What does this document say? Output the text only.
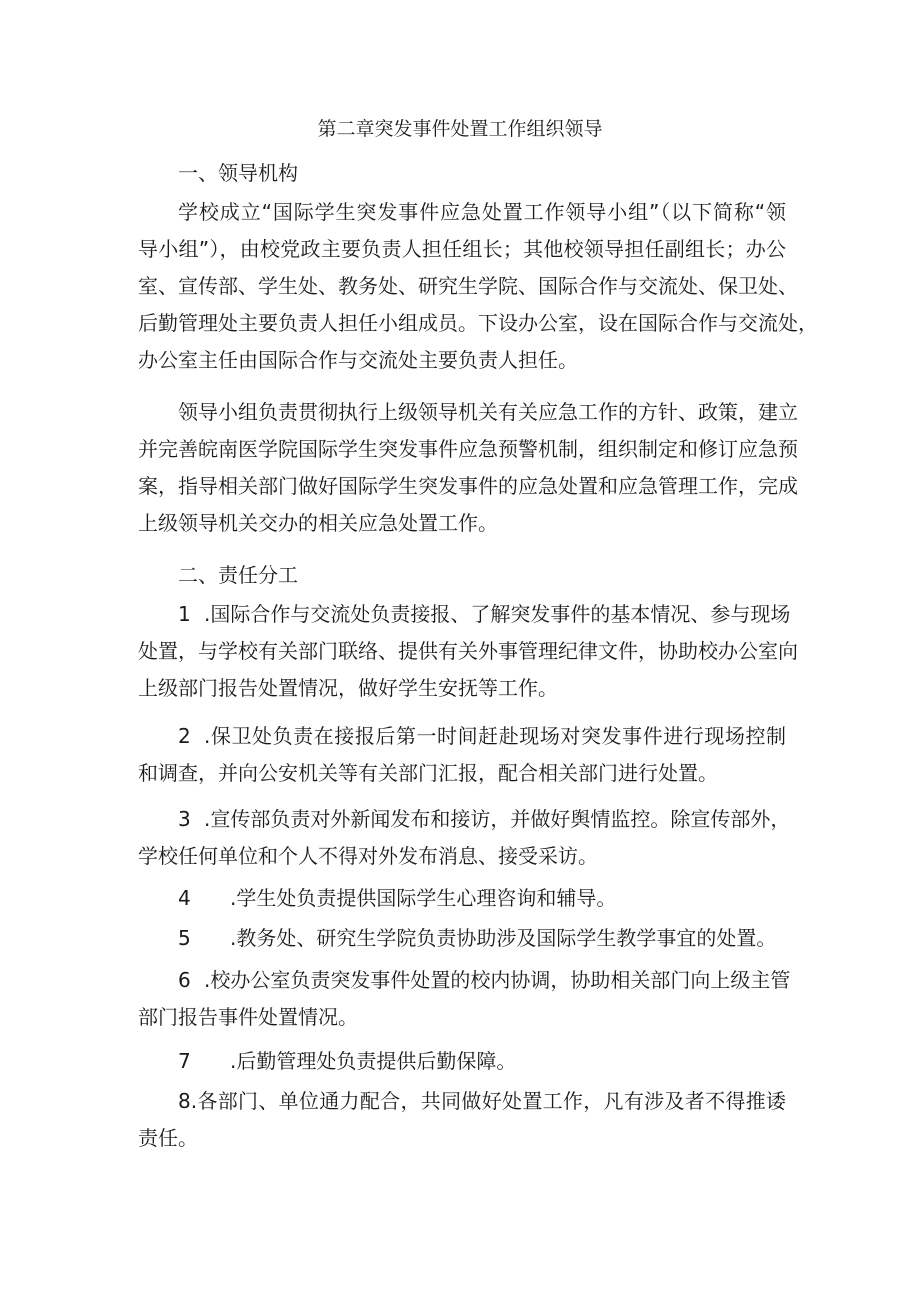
第二章突发事件处置工作组织领导
一、领导机构
学校成立“国际学生突发事件应急处置工作领导小组”（以下简称“领
导小组”），由校党政主要负责人担任组长；其他校领导担任副组长；办公
室、宣传部、学生处、教务处、研究生学院、国际合作与交流处、保卫处、
后勤管理处主要负责人担任小组成员。下设办公室，设在国际合作与交流处，
办公室主任由国际合作与交流处主要负责人担任。
领导小组负责贯彻执行上级领导机关有关应急工作的方针、政策，建立
并完善皖南医学院国际学生突发事件应急预警机制，组织制定和修订应急预
案，指导相关部门做好国际学生突发事件的应急处置和应急管理工作，完成
上级领导机关交办的相关应急处置工作。
二、责任分工
1 .国际合作与交流处负责接报、了解突发事件的基本情况、参与现场
处置，与学校有关部门联络、提供有关外事管理纪律文件，协助校办公室向
上级部门报告处置情况，做好学生安抚等工作。
2 .保卫处负责在接报后第一时间赶赴现场对突发事件进行现场控制
和调查，并向公安机关等有关部门汇报，配合相关部门进行处置。
3 .宣传部负责对外新闻发布和接访，并做好舆情监控。除宣传部外，
学校任何单位和个人不得对外发布消息、接受采访。
4 .学生处负责提供国际学生心理咨询和辅导。
5 .教务处、研究生学院负责协助涉及国际学生教学事宜的处置。
6 .校办公室负责突发事件处置的校内协调，协助相关部门向上级主管
部门报告事件处置情况。
7 .后勤管理处负责提供后勤保障。
8.各部门、单位通力配合，共同做好处置工作，凡有涉及者不得推诿
责任。
